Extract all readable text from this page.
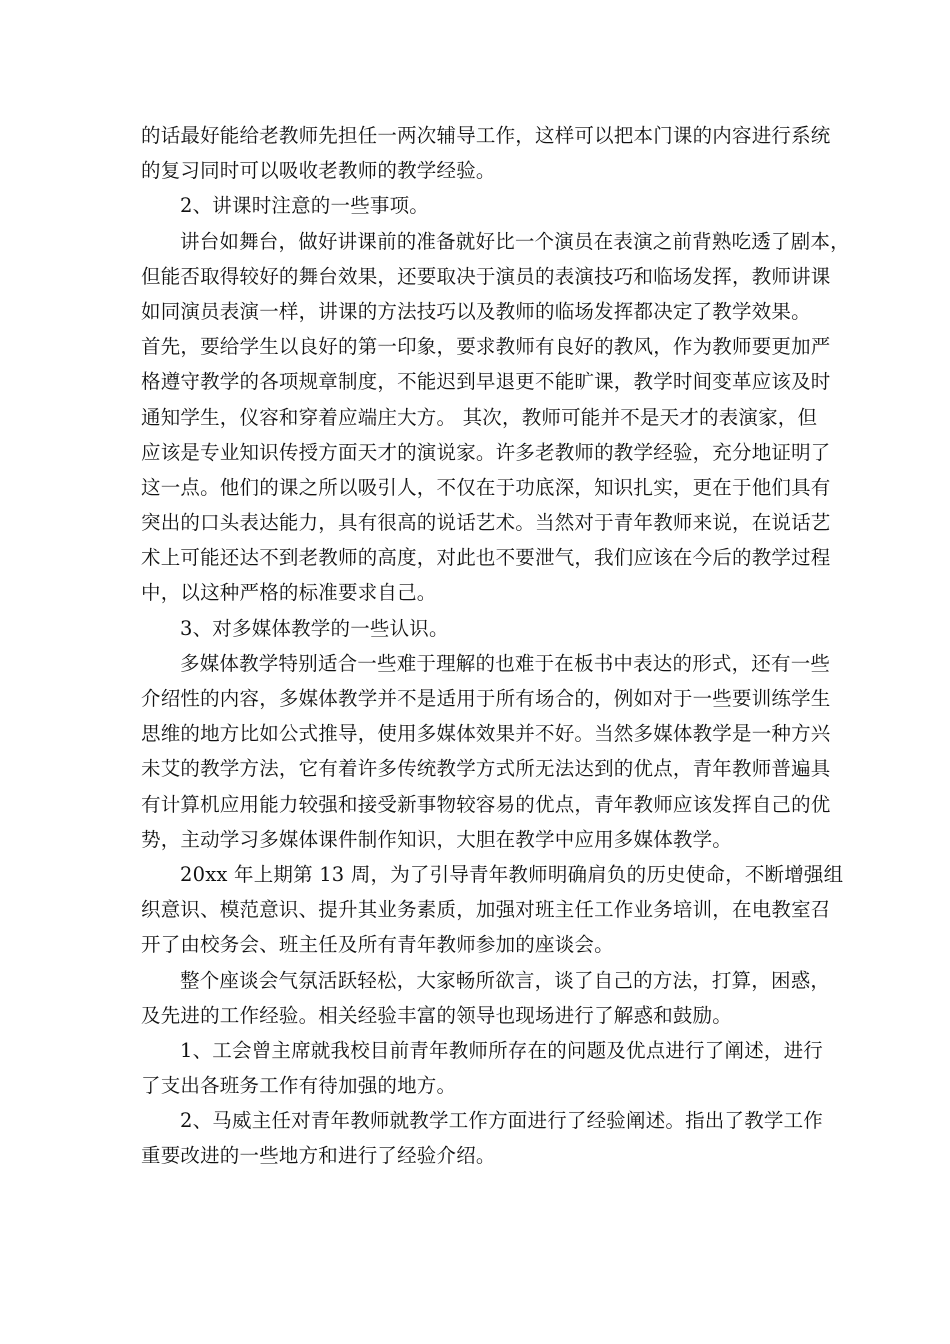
的话最好能给老教师先担任一两次辅导工作，这样可以把本门课的内容进行系统
的复习同时可以吸收老教师的教学经验。
2、讲课时注意的一些事项。
讲台如舞台，做好讲课前的准备就好比一个演员在表演之前背熟吃透了剧本，
但能否取得较好的舞台效果，还要取决于演员的表演技巧和临场发挥，教师讲课
如同演员表演一样，讲课的方法技巧以及教师的临场发挥都决定了教学效果。
首先，要给学生以良好的第一印象，要求教师有良好的教风，作为教师要更加严
格遵守教学的各项规章制度，不能迟到早退更不能旷课，教学时间变革应该及时
通知学生，仪容和穿着应端庄大方。 其次，教师可能并不是天才的表演家，但
应该是专业知识传授方面天才的演说家。许多老教师的教学经验，充分地证明了
这一点。他们的课之所以吸引人，不仅在于功底深，知识扎实，更在于他们具有
突出的口头表达能力，具有很高的说话艺术。当然对于青年教师来说，在说话艺
术上可能还达不到老教师的高度，对此也不要泄气，我们应该在今后的教学过程
中，以这种严格的标准要求自己。
3、对多媒体教学的一些认识。
多媒体教学特别适合一些难于理解的也难于在板书中表达的形式，还有一些
介绍性的内容，多媒体教学并不是适用于所有场合的，例如对于一些要训练学生
思维的地方比如公式推导，使用多媒体效果并不好。当然多媒体教学是一种方兴
未艾的教学方法，它有着许多传统教学方式所无法达到的优点，青年教师普遍具
有计算机应用能力较强和接受新事物较容易的优点，青年教师应该发挥自己的优
势，主动学习多媒体课件制作知识，大胆在教学中应用多媒体教学。
20xx 年上期第 13 周，为了引导青年教师明确肩负的历史使命，不断增强组
织意识、模范意识、提升其业务素质，加强对班主任工作业务培训，在电教室召
开了由校务会、班主任及所有青年教师参加的座谈会。
整个座谈会气氛活跃轻松，大家畅所欲言，谈了自己的方法，打算，困惑，
及先进的工作经验。相关经验丰富的领导也现场进行了解惑和鼓励。
1、工会曾主席就我校目前青年教师所存在的问题及优点进行了阐述，进行
了支出各班务工作有待加强的地方。
2、马威主任对青年教师就教学工作方面进行了经验阐述。指出了教学工作
重要改进的一些地方和进行了经验介绍。
